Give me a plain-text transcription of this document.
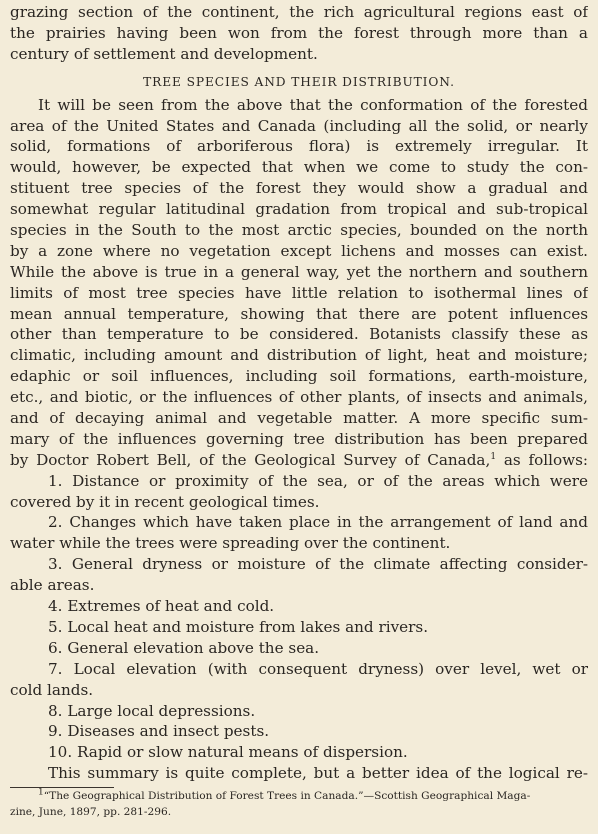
grazing section of the continent, the rich agricultural regions east of
the prairies having been won from the forest through more than a
century of settlement and development.
TREE SPECIES AND THEIR DISTRIBUTION.
It will be seen from the above that the conformation of the forested
area of the United States and Canada (including all the solid, or nearly
solid, formations of arboriferous flora) is extremely irregular. It
would, however, be expected that when we come to study the con-
stituent tree species of the forest they would show a gradual and
somewhat regular latitudinal gradation from tropical and sub-tropical
species in the South to the most arctic species, bounded on the north
by a zone where no vegetation except lichens and mosses can exist.
While the above is true in a general way, yet the northern and southern
limits of most tree species have little relation to isothermal lines of
mean annual temperature, showing that there are potent influences
other than temperature to be considered. Botanists classify these as
climatic, including amount and distribution of light, heat and moisture;
edaphic or soil influences, including soil formations, earth-moisture,
etc., and biotic, or the influences of other plants, of insects and animals,
and of decaying animal and vegetable matter. A more specific sum-
mary of the influences governing tree distribution has been prepared
by Doctor Robert Bell, of the Geological Survey of Canada,$^1$ as follows:
1. Distance or proximity of the sea, or of the areas which were
covered by it in recent geological times.
2. Changes which have taken place in the arrangement of land and
water while the trees were spreading over the continent.
3. General dryness or moisture of the climate affecting consider-
able areas.
4. Extremes of heat and cold.
5. Local heat and moisture from lakes and rivers.
6. General elevation above the sea.
7. Local elevation (with consequent dryness) over level, wet or
cold lands.
8. Large local depressions.
9. Diseases and insect pests.
10. Rapid or slow natural means of dispersion.
This summary is quite complete, but a better idea of the logical re-
$^1$“The Geographical Distribution of Forest Trees in Canada.”—Scottish Geographical Maga-
zine, June, 1897, pp. 281-296.
